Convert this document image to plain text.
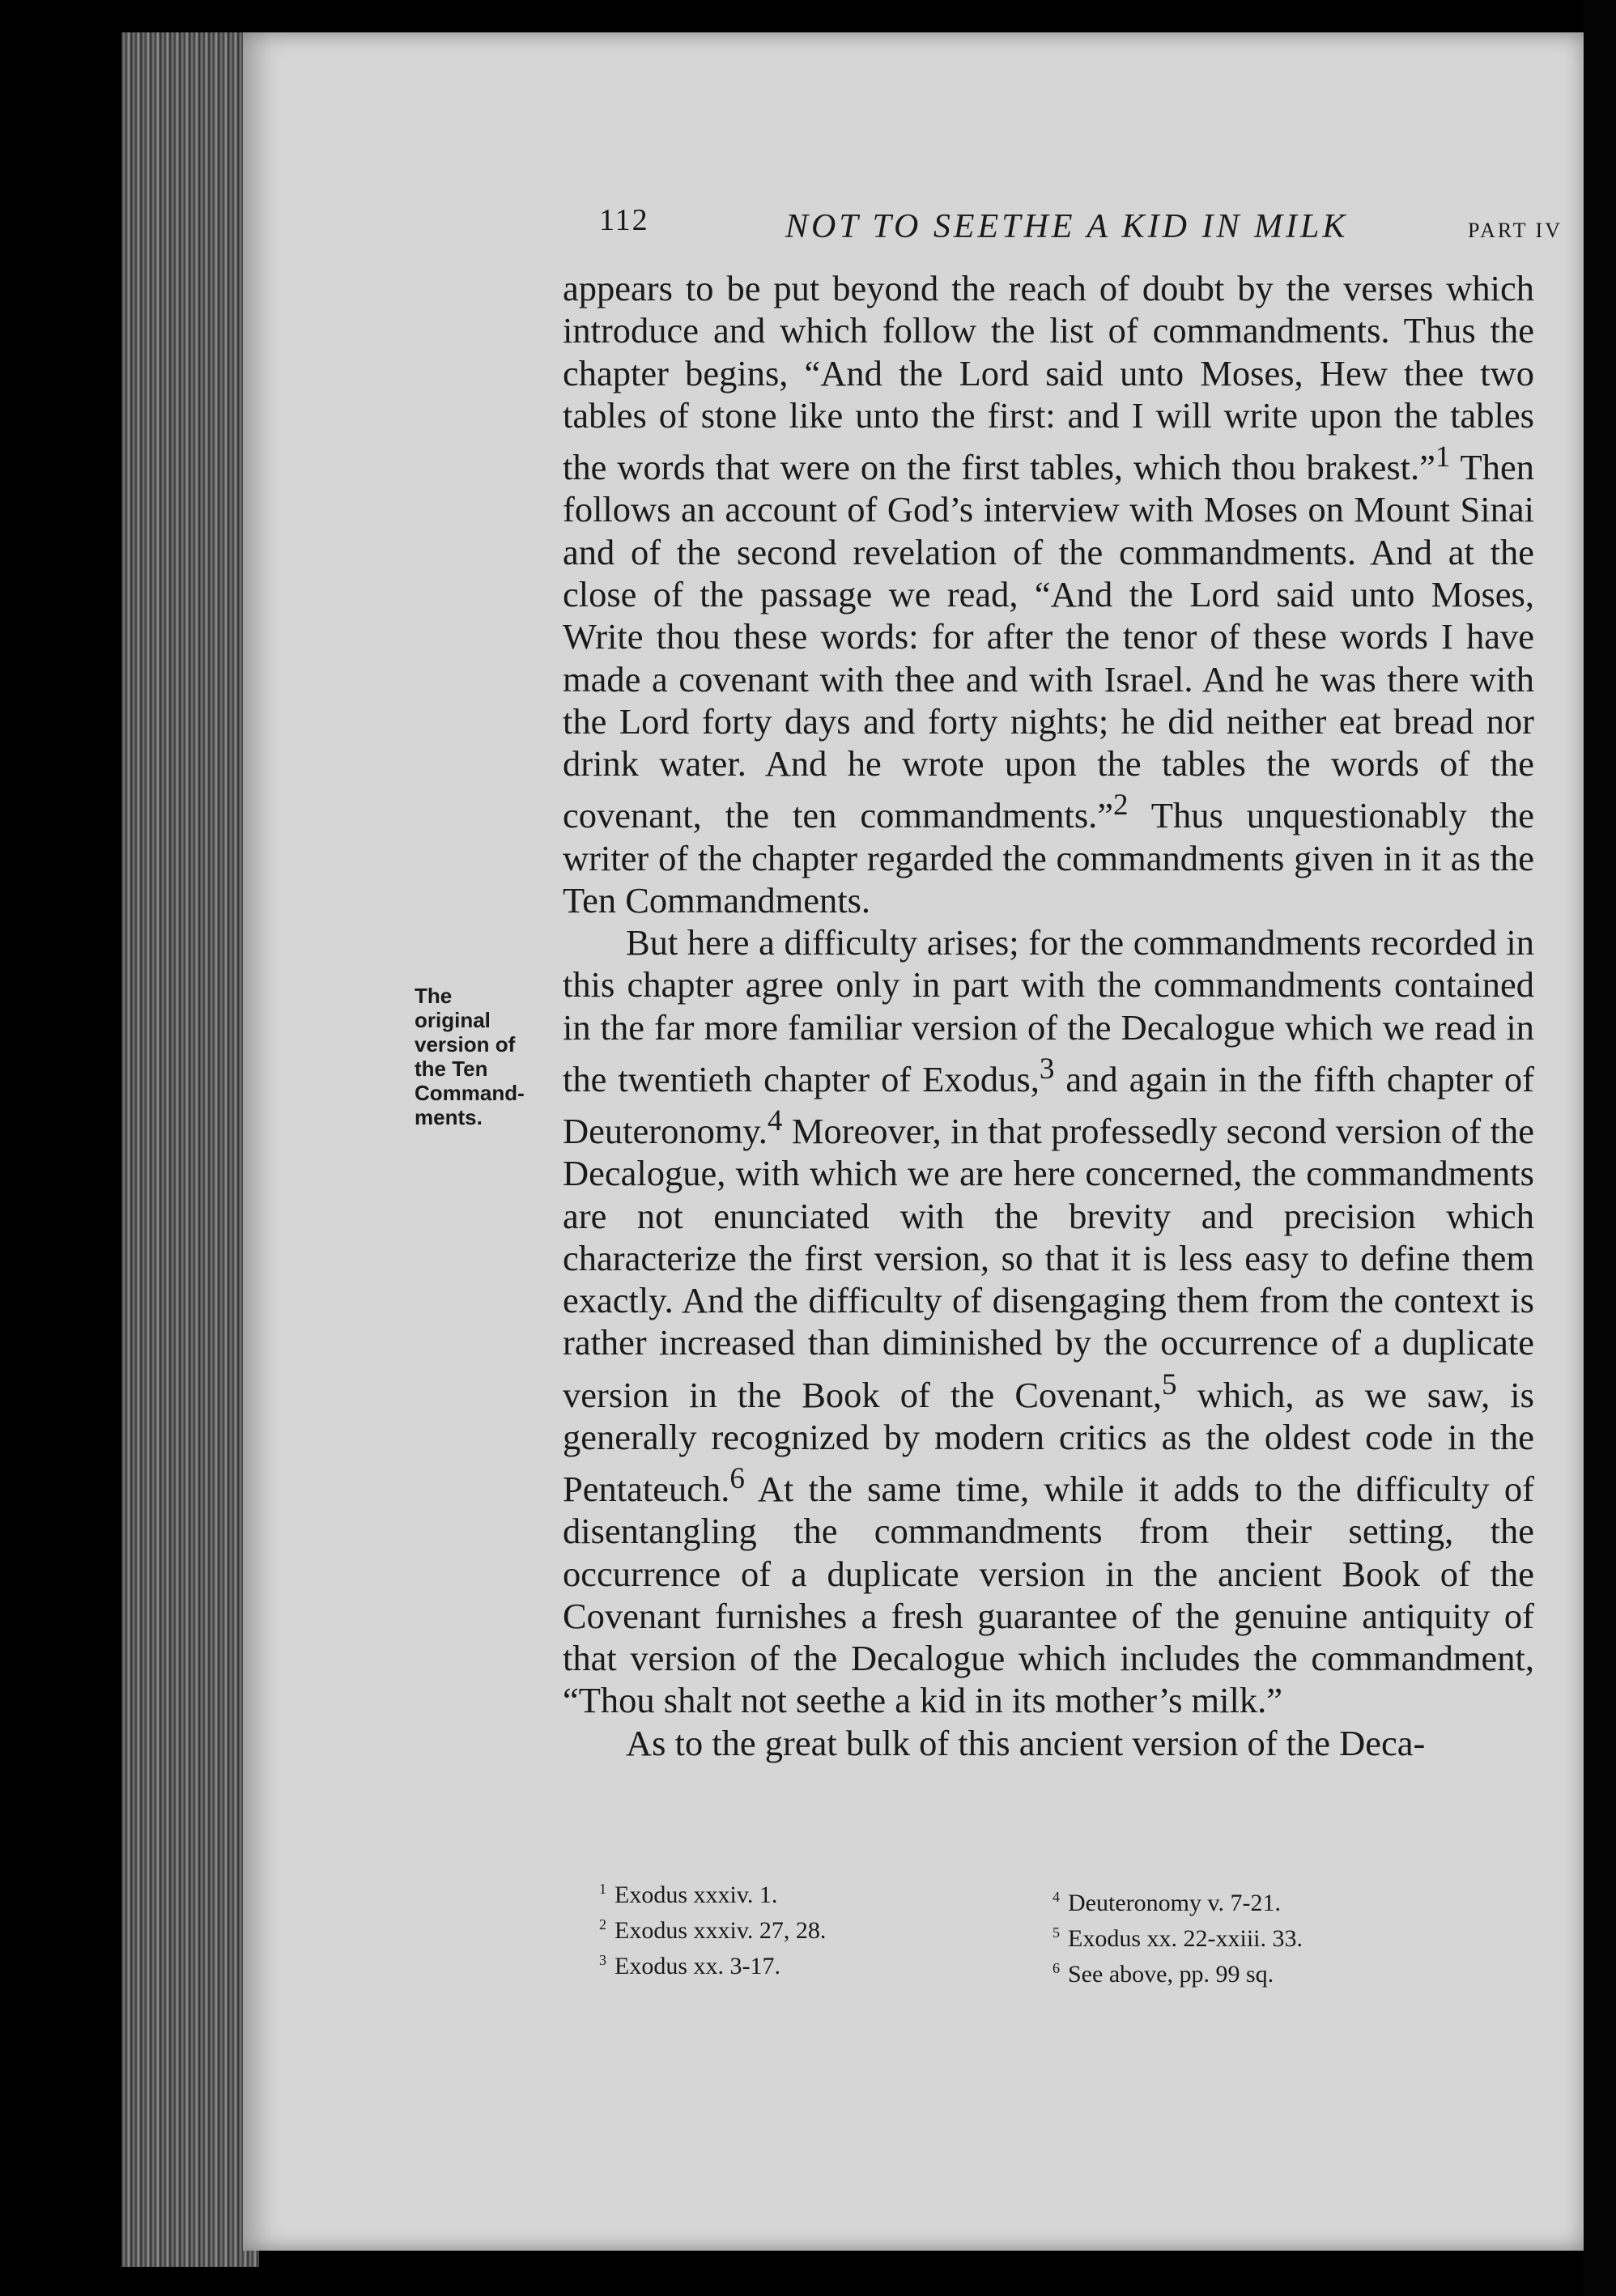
112	NOT TO SEETHE A KID IN MILK	PART IV
The
original
version of
the Ten
Command-
ments.

appears to be put beyond the reach of doubt by the verses which introduce and which follow the list of commandments. Thus the chapter begins, “And the Lord said unto Moses, Hew thee two tables of stone like unto the first: and I will write upon the tables the words that were on the first tables, which thou brakest.”$^1$ Then follows an account of God’s interview with Moses on Mount Sinai and of the second revelation of the commandments. And at the close of the passage we read, “And the Lord said unto Moses, Write thou these words: for after the tenor of these words I have made a covenant with thee and with Israel. And he was there with the Lord forty days and forty nights; he did neither eat bread nor drink water. And he wrote upon the tables the words of the covenant, the ten commandments.”$^2$ Thus unquestionably the writer of the chapter regarded the commandments given in it as the Ten Commandments.

But here a difficulty arises; for the commandments recorded in this chapter agree only in part with the commandments contained in the far more familiar version of the Decalogue which we read in the twentieth chapter of Exodus,$^3$ and again in the fifth chapter of Deuteronomy.$^4$ Moreover, in that professedly second version of the Decalogue, with which we are here concerned, the commandments are not enunciated with the brevity and precision which characterize the first version, so that it is less easy to define them exactly. And the difficulty of disengaging them from the context is rather increased than diminished by the occurrence of a duplicate version in the Book of the Covenant,$^5$ which, as we saw, is generally recognized by modern critics as the oldest code in the Pentateuch.$^6$ At the same time, while it adds to the difficulty of disentangling the commandments from their setting, the occurrence of a duplicate version in the ancient Book of the Covenant furnishes a fresh guarantee of the genuine antiquity of that version of the Decalogue which includes the commandment, “Thou shalt not seethe a kid in its mother’s milk.”

As to the great bulk of this ancient version of the Deca-

$^1$ Exodus xxxiv. 1.
$^2$ Exodus xxxiv. 27, 28.
$^3$ Exodus xx. 3-17.
$^4$ Deuteronomy v. 7-21.
$^5$ Exodus xx. 22-xxiii. 33.
$^6$ See above, pp. 99 sq.
